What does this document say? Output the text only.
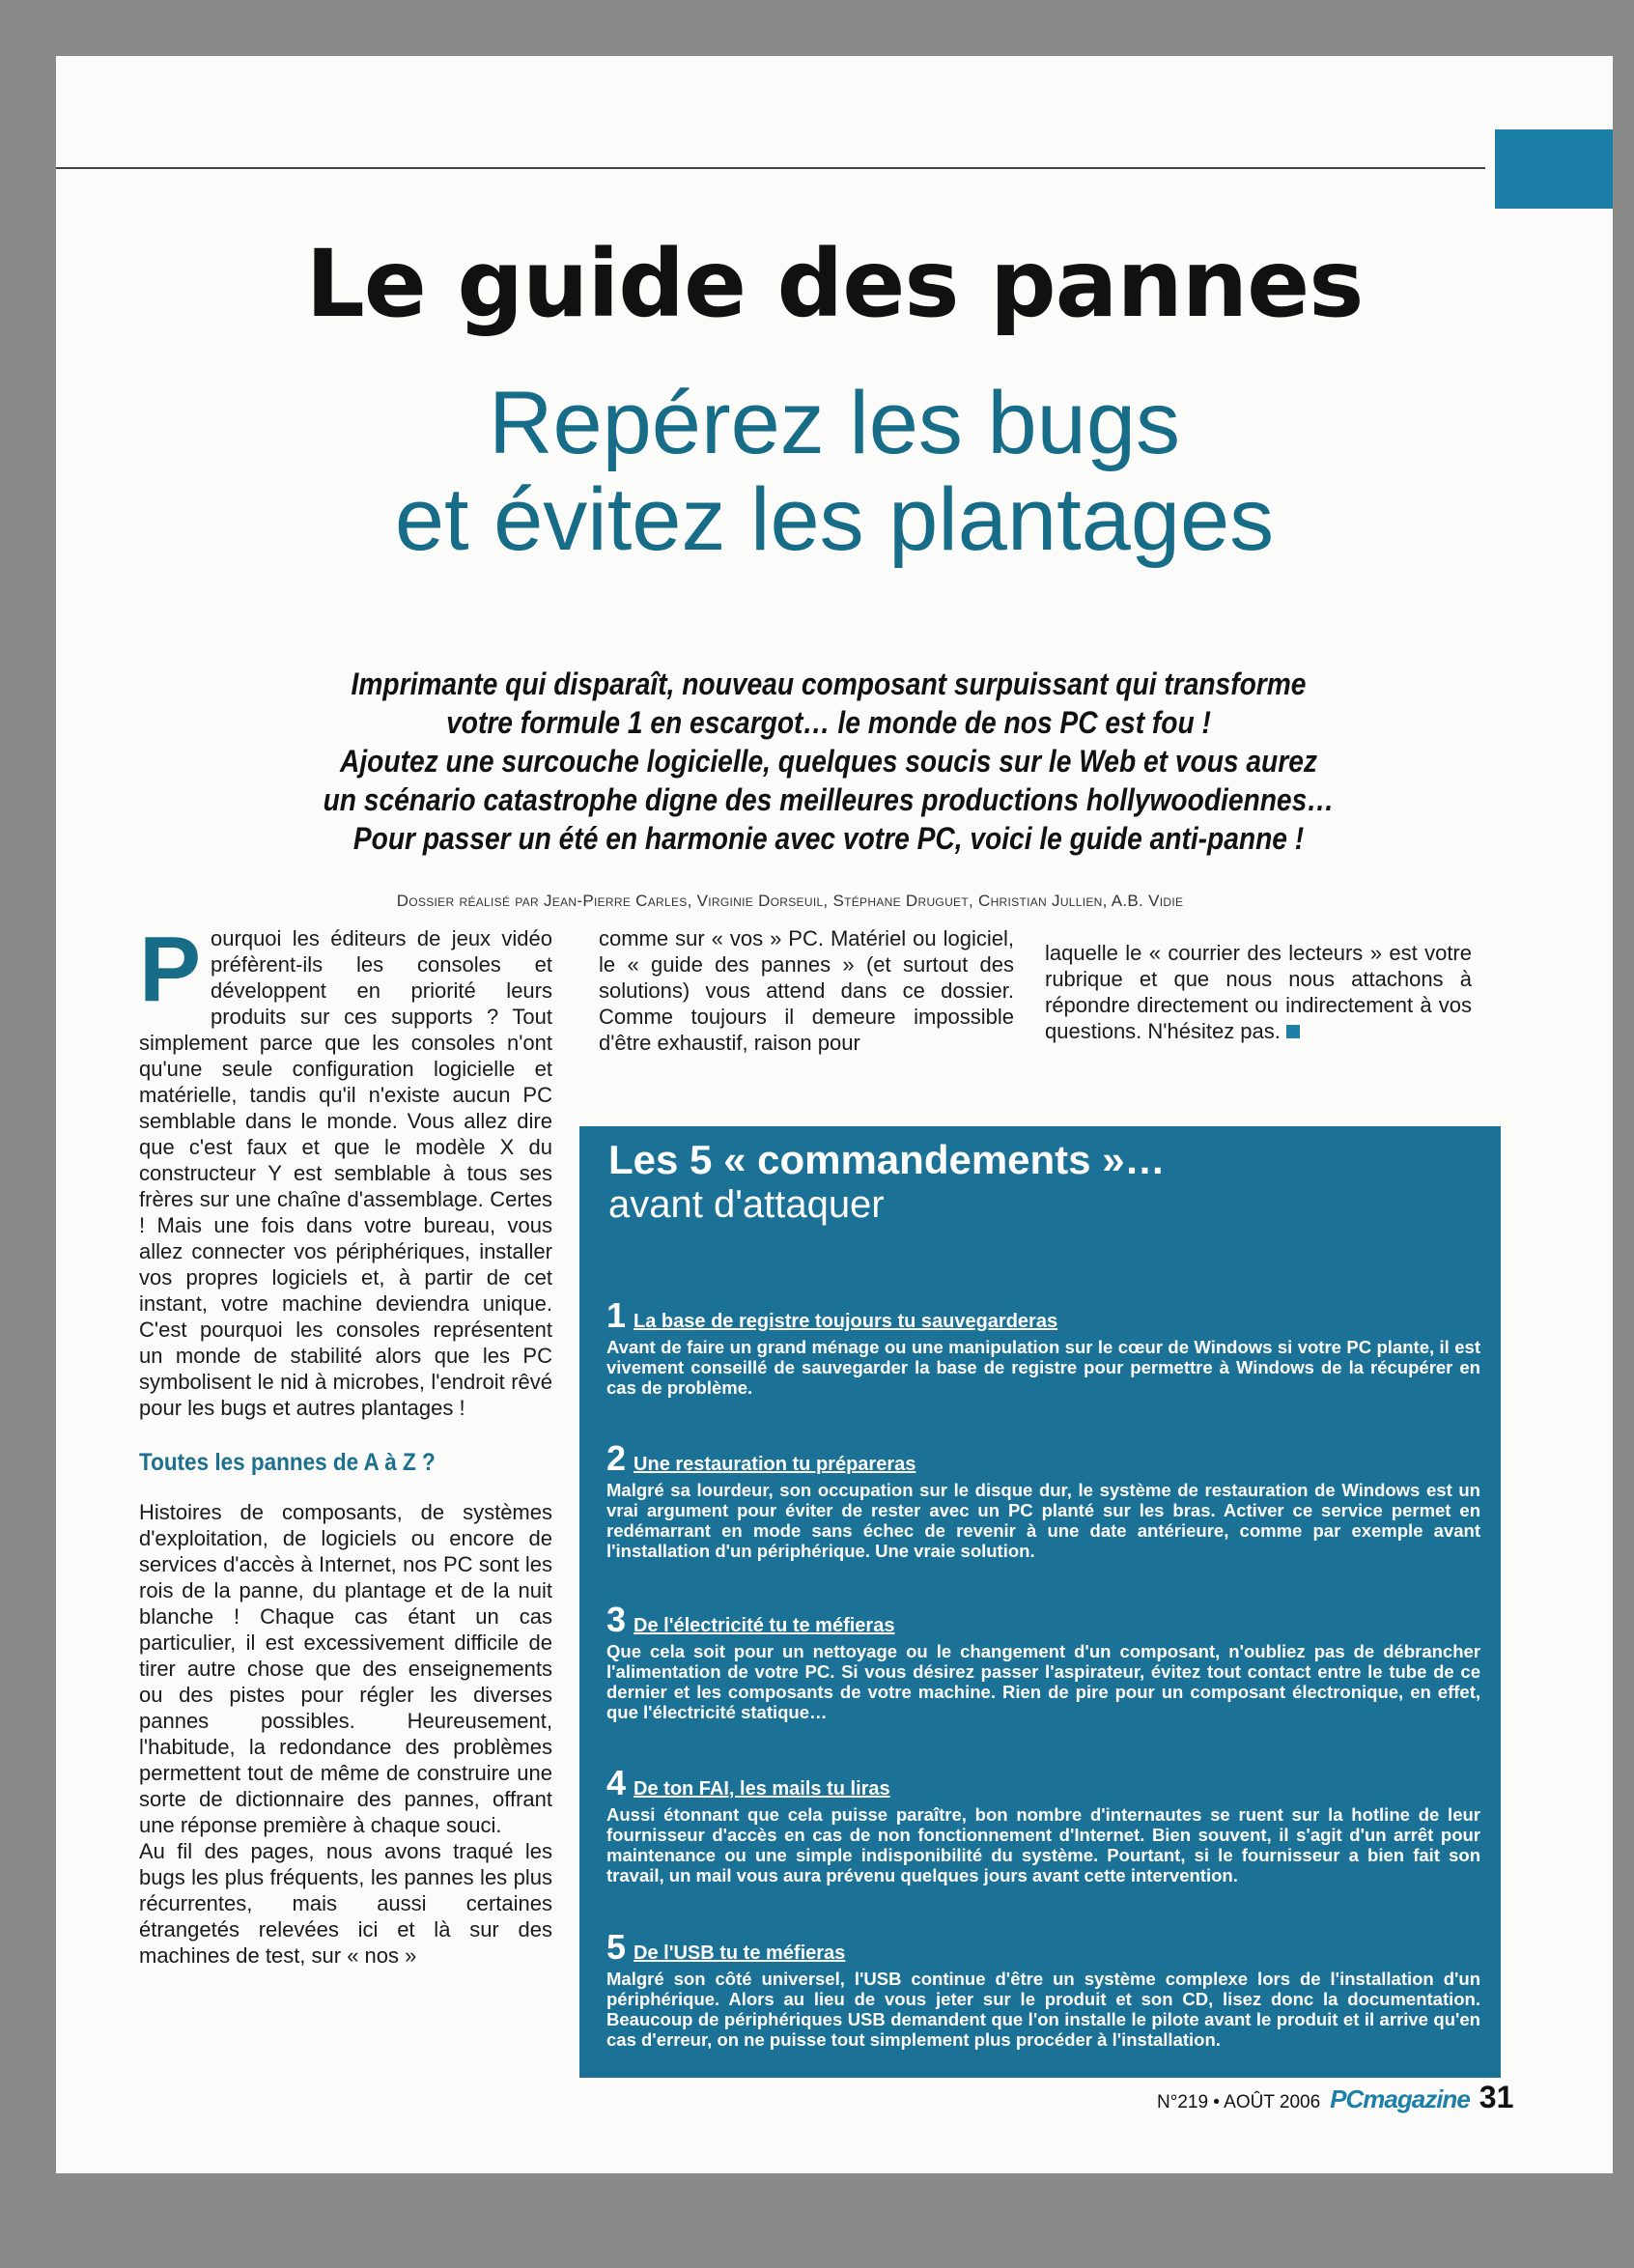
Le guide des pannes
Repérez les bugs
et évitez les plantages
Imprimante qui disparaît, nouveau composant surpuissant qui transforme
votre formule 1 en escargot… le monde de nos PC est fou !
Ajoutez une surcouche logicielle, quelques soucis sur le Web et vous aurez
un scénario catastrophe digne des meilleures productions hollywoodiennes…
Pour passer un été en harmonie avec votre PC, voici le guide anti-panne !
Dossier réalisé par Jean-Pierre Carles, Virginie Dorseuil, Stéphane Druguet, Christian Jullien, A.B. Vidie

Pourquoi les éditeurs de jeux vidéo préfèrent-ils les consoles et développent en priorité leurs produits sur ces supports ? Tout simplement parce que les consoles n'ont qu'une seule configuration logicielle et matérielle, tandis qu'il n'existe aucun PC semblable dans le monde. Vous allez dire que c'est faux et que le modèle X du constructeur Y est semblable à tous ses frères sur une chaîne d'assemblage. Certes ! Mais une fois dans votre bureau, vous allez connecter vos périphériques, installer vos propres logiciels et, à partir de cet instant, votre machine deviendra unique. C'est pourquoi les consoles représentent un monde de stabilité alors que les PC symbolisent le nid à microbes, l'endroit rêvé pour les bugs et autres plantages !

Toutes les pannes de A à Z ?

Histoires de composants, de systèmes d'exploitation, de logiciels ou encore de services d'accès à Internet, nos PC sont les rois de la panne, du plantage et de la nuit blanche ! Chaque cas étant un cas particulier, il est excessivement difficile de tirer autre chose que des enseignements ou des pistes pour régler les diverses pannes possibles. Heureusement, l'habitude, la redondance des problèmes permettent tout de même de construire une sorte de dictionnaire des pannes, offrant une réponse première à chaque souci.

Au fil des pages, nous avons traqué les bugs les plus fréquents, les pannes les plus récurrentes, mais aussi certaines étrangetés relevées ici et là sur des machines de test, sur « nos »

comme sur « vos » PC. Matériel ou logiciel, le « guide des pannes » (et surtout des solutions) vous attend dans ce dossier. Comme toujours il demeure impossible d'être exhaustif, raison pour

laquelle le « courrier des lecteurs » est votre rubrique et que nous nous attachons à répondre directement ou indirectement à vos questions. N'hésitez pas.

Les 5 « commandements »…
avant d'attaquer
1 La base de registre toujours tu sauvegarderas

Avant de faire un grand ménage ou une manipulation sur le cœur de Windows si votre PC plante, il est vivement conseillé de sauvegarder la base de registre pour permettre à Windows de la récupérer en cas de problème.

2 Une restauration tu prépareras

Malgré sa lourdeur, son occupation sur le disque dur, le système de restauration de Windows est un vrai argument pour éviter de rester avec un PC planté sur les bras. Activer ce service permet en redémarrant en mode sans échec de revenir à une date antérieure, comme par exemple avant l'installation d'un périphérique. Une vraie solution.

3 De l'électricité tu te méfieras

Que cela soit pour un nettoyage ou le changement d'un composant, n'oubliez pas de débrancher l'alimentation de votre PC. Si vous désirez passer l'aspirateur, évitez tout contact entre le tube de ce dernier et les composants de votre machine. Rien de pire pour un composant électronique, en effet, que l'électricité statique…

4 De ton FAI, les mails tu liras

Aussi étonnant que cela puisse paraître, bon nombre d'internautes se ruent sur la hotline de leur fournisseur d'accès en cas de non fonctionnement d'Internet. Bien souvent, il s'agit d'un arrêt pour maintenance ou une simple indisponibilité du système. Pourtant, si le fournisseur a bien fait son travail, un mail vous aura prévenu quelques jours avant cette intervention.

5 De l'USB tu te méfieras

Malgré son côté universel, l'USB continue d'être un système complexe lors de l'installation d'un périphérique. Alors au lieu de vous jeter sur le produit et son CD, lisez donc la documentation. Beaucoup de périphériques USB demandent que l'on installe le pilote avant le produit et il arrive qu'en cas d'erreur, on ne puisse tout simplement plus procéder à l'installation.

N°219 • AOÛT 2006 PCmagazine 31
